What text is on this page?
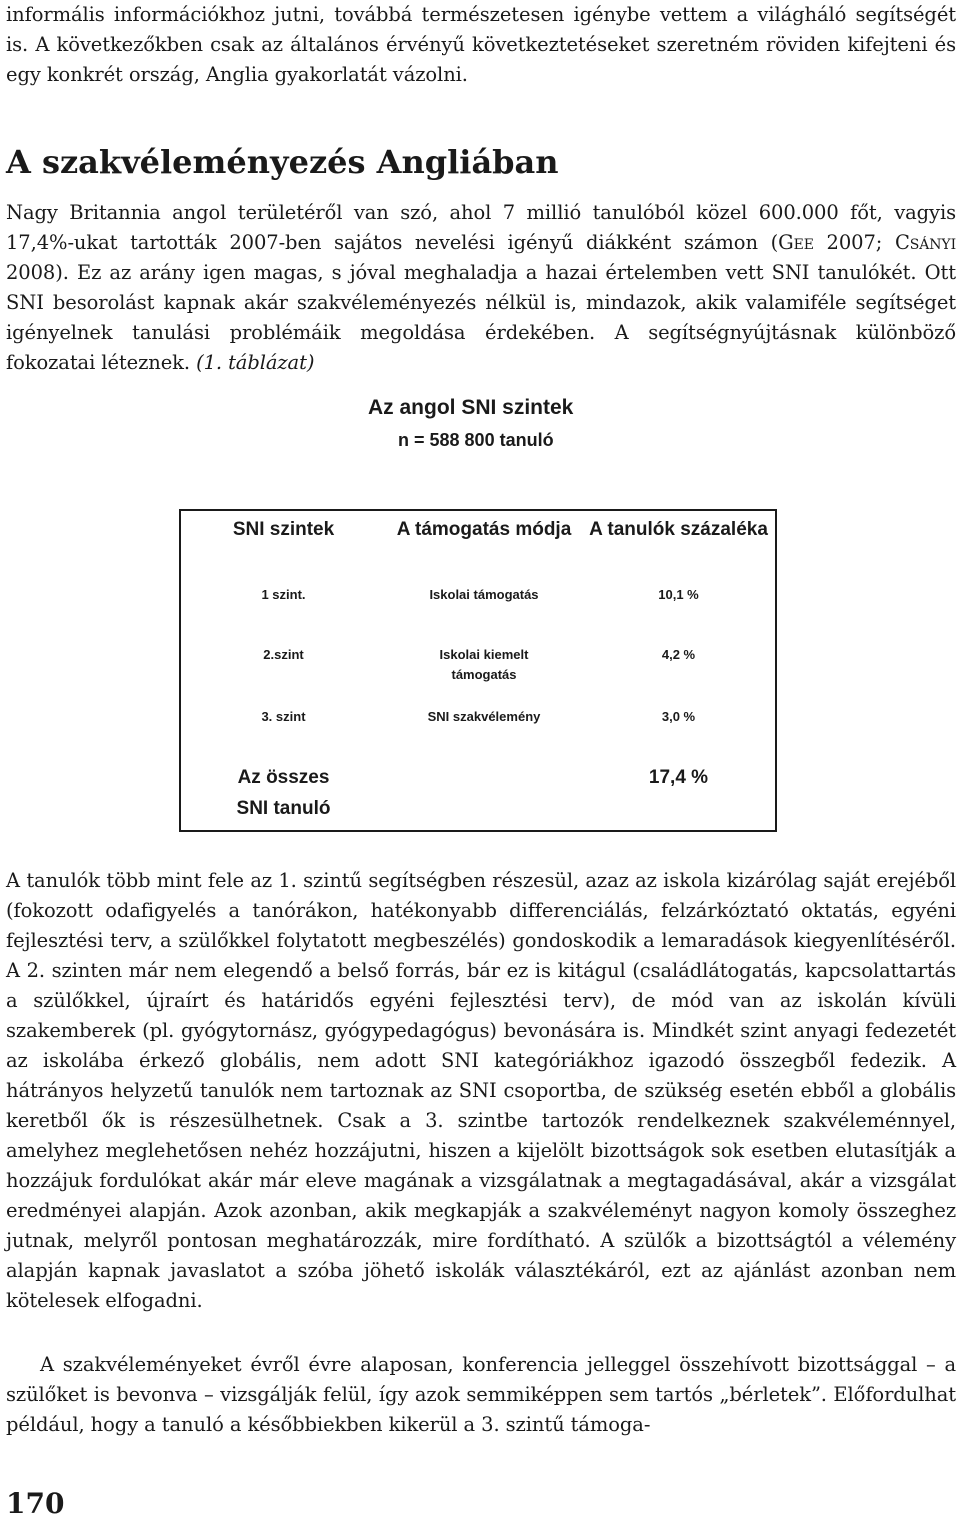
informális információkhoz jutni, továbbá természetesen igénybe vettem a világháló segítségét is. A következőkben csak az általános érvényű következtetéseket szeretném röviden kifejteni és egy konkrét ország, Anglia gyakorlatát vázolni.

A szakvéleményezés Angliában

Nagy Britannia angol területéről van szó, ahol 7 millió tanulóból közel 600.000 főt, vagyis 17,4%-ukat tartották 2007-ben sajátos nevelési igényű diákként számon (Gee 2007; Csányi 2008). Ez az arány igen magas, s jóval meghaladja a hazai értelemben vett SNI tanulókét. Ott SNI besorolást kapnak akár szakvéleményezés nélkül is, mindazok, akik valamiféle segítséget igényelnek tanulási problémáik megoldása érdekében. A segítségnyújtásnak különböző fokozatai léteznek. (1. táblázat)

A tanulók több mint fele az 1. szintű segítségben részesül, azaz az iskola kizárólag saját erejéből (fokozott odafigyelés a tanórákon, hatékonyabb differenciálás, felzárkóztató oktatás, egyéni fejlesztési terv, a szülőkkel folytatott megbeszélés) gondoskodik a lemaradások kiegyenlítéséről. A 2. szinten már nem elegendő a belső forrás, bár ez is kitágul (családlátogatás, kapcsolattartás a szülőkkel, újraírt és határidős egyéni fejlesztési terv), de mód van az iskolán kívüli szakemberek (pl. gyógytornász, gyógypedagógus) bevonására is. Mindkét szint anyagi fedezetét az iskolába érkező globális, nem adott SNI kategóriákhoz igazodó összegből fedezik. A hátrányos helyzetű tanulók nem tartoznak az SNI csoportba, de szükség esetén ebből a globális keretből ők is részesülhetnek. Csak a 3. szintbe tartozók rendelkeznek szakvéleménnyel, amelyhez meglehetősen nehéz hozzájutni, hiszen a kijelölt bizottságok sok esetben elutasítják a hozzájuk fordulókat akár már eleve magának a vizsgálatnak a megtagadásával, akár a vizsgálat eredményei alapján. Azok azonban, akik megkapják a szakvéleményt nagyon komoly összeghez jutnak, melyről pontosan meghatározzák, mire fordítható. A szülők a bizottságtól a vélemény alapján kapnak javaslatot a szóba jöhető iskolák választékáról, ezt az ajánlást azonban nem kötelesek elfogadni.

A szakvéleményeket évről évre alaposan, konferencia jelleggel összehívott bizottsággal – a szülőket is bevonva – vizsgálják felül, így azok semmiképpen sem tartós „bérletek”. Előfordulhat például, hogy a tanuló a későbbiekben kikerül a 3. szintű támoga-

Az angol SNI szintek
n = 588 800 tanuló
SNI szintek	A támogatás módja	A tanulók százaléka
1 szint.	Iskolai támogatás	10,1 %
2.szint	Iskolai kiemelt támogatás	4,2 %
3. szint	SNI szakvélemény	3,0 %
Az összes SNI tanuló		17,4 %
170
